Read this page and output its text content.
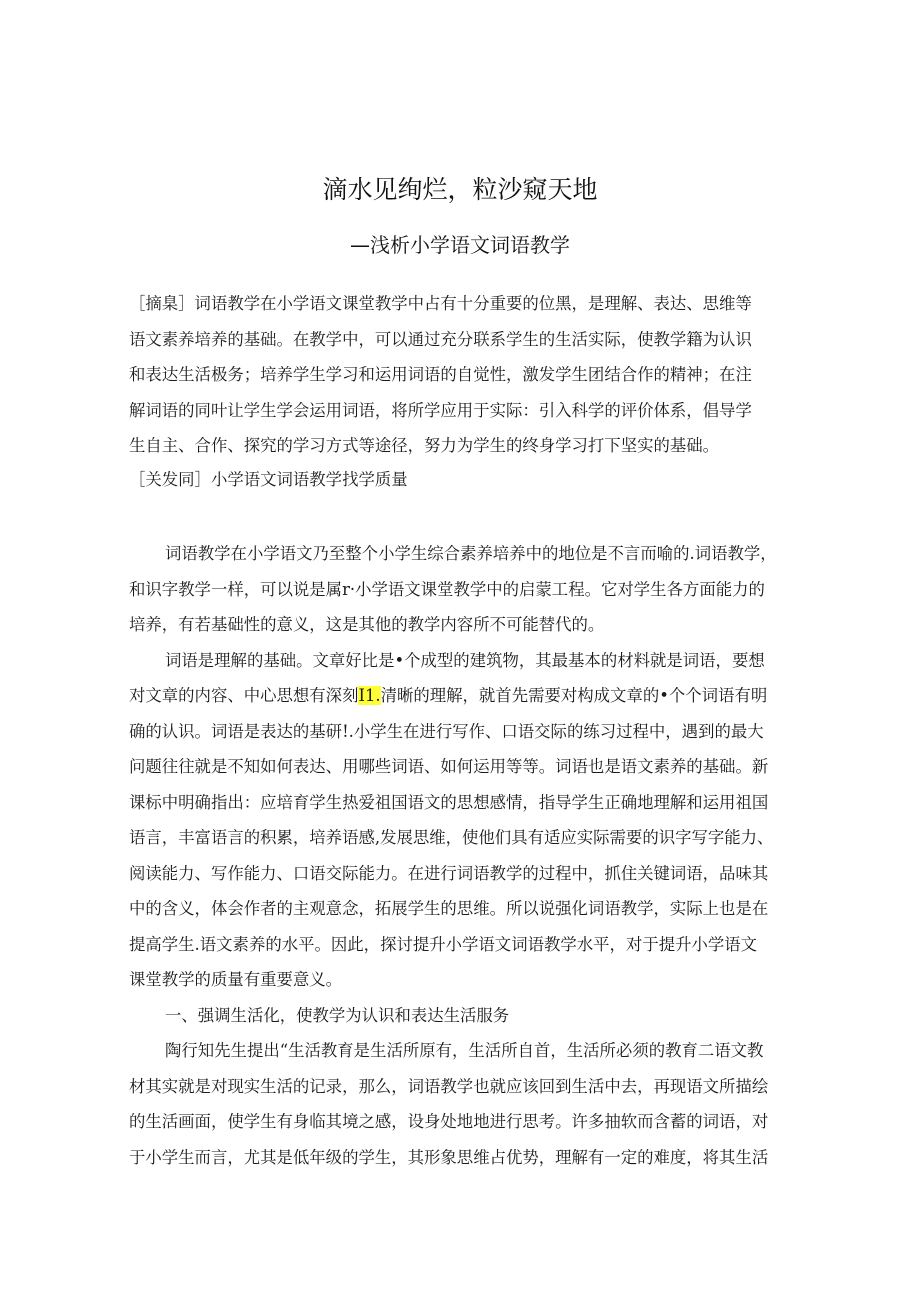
滴水见绚烂，粒沙窥天地
—浅析小学语文词语教学
［摘臬］词语教学在小学语文课堂教学中占有十分重要的位黑，是理解、表达、思维等
语文素养培养的基础。在教学中，可以通过充分联系学生的生活实际，使教学籍为认识
和表达生活极务；培养学生学习和运用词语的自觉性，激发学生团结合作的精神；在注
解词语的同叶让学生学会运用词语，将所学应用于实际：引入科学的评价体系，倡导学
生自主、合作、探究的学习方式等途径，努力为学生的终身学习打下坚实的基础。
［关发同］小学语文词语教学找学质量
词语教学在小学语文乃至整个小学生综合素养培养中的地位是不言而喻的.词语教学，
和识字教学一样，可以说是属r·小学语文课堂教学中的启蒙工程。它对学生各方面能力的
培养，有若基础性的意义，这是其他的教学内容所不可能替代的。
词语是理解的基础。文章好比是•个成型的建筑物，其最基本的材料就是词语，要想
对文章的内容、中心思想有深刻I1.清晰的理解，就首先需要对构成文章的•个个词语有明
确的认识。词语是表达的基研!.小学生在进行写作、口语交际的练习过程中，遇到的最大
问题往往就是不知如何表达、用哪些词语、如何运用等等。词语也是语文素养的基础。新
课标中明确指出：应培育学生热爱祖国语文的思想感情，指导学生正确地理解和运用祖国
语言，丰富语言的积累，培养语感,发展思维，使他们具有适应实际需要的识字写字能力、
阅读能力、写作能力、口语交际能力。在进行词语教学的过程中，抓住关键词语，品味其
中的含义，体会作者的主观意念，拓展学生的思维。所以说强化词语教学，实际上也是在
提高学生.语文素养的水平。因此，探讨提升小学语文词语教学水平，对于提升小学语文
课堂教学的质量有重要意义。
一、强调生活化，使教学为认识和表达生活服务
陶行知先生提出“生活教育是生活所原有，生活所自首，生活所必须的教育二语文教
材其实就是对现实生活的记录，那么，词语教学也就应该回到生活中去，再现语文所描绘
的生活画面，使学生有身临其境之感，设身处地地进行思考。许多抽软而含蓄的词语，对
于小学生而言，尤其是低年级的学生，其形象思维占优势，理解有一定的难度，将其生活
